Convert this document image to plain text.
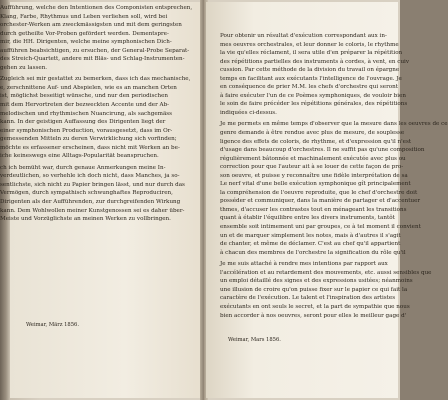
Aufführung, welche den Intentionen des Componisten entsprechen,
Klang, Farbe, Rhythmus und Leben verliehen soll, wird bei
orchester-Werken am zweckmässigsten und mit dem geringsten
durch getheilte Vor-Proben gefördert werden. Dementspre-
mir, die HH. Dirigenten, welche meine symphonischen Dich-
aufführen beabsichtigen, zu ersuchen, der General-Probe Separat-
des Streich-Quartett, andere mit Bläs- und Schlag-Instrumenten-
gehen zu lassen.
Zugleich sei mir gestattet zu bemerken, dass ich das mechanische,
e, zerschnittene Auf- und Abspielen, wie es an manchen Orten
ist, möglichst beseitigt wünsche, und nur den periodischen
mit dem Hervortreten der bezweckten Accente und der Ab-
melodischen und rhythmischen Nuancirung, als sachgemäss
kann. In der geistigen Auffassung des Dirigenten liegt der
einer symphonischen Production, vorausgesetzt, dass im Or-
gemessenden Mitteln zu deren Verwirklichung sich vorfinden;
möchte es erfassener erscheinen, dass nicht mit Werken an be-
iche keineswegs eine Alltags-Popularität beanspruchen.
ch ich bemüht war, durch genaue Anmerkungen meine In-
verdeutlichen, so verhehle ich doch nicht, dass Manches, ja so-
sentlichste, sich nicht zu Papier bringen lässt, und nur durch das
Vermögen, durch sympathisch schwunghaftes Reproduciren,
Dirigenten als der Aufführenden, zur durchgreifenden Wirkung
kann. Dem Wohlwollen meiner Kunstgenossen sei es daher über-
Meiste und Vorzüglichste an meinen Werken zu vollbringen.
Weimar, März 1856.
Pour obtenir un résultat d'exécution correspondant aux in-
mes oeuvres orchestrales, et leur donner le coloris, le rhythme
la vie qu'elles réclament, il sera utile d'en préparer la répétition
des répétitions partielles des instruments à cordes, à vent, en cuiv
cussion. Par cette méthode de la division du travail on épargne
temps en facilitant aux exécutants l'intelligence de l'ouvrage. Je
en conséquence de prier M.M. les chefs d'orchestre qui seront
à faire exécuter l'un de ce Poèmes symphoniques, de vouloir bien
le soin de faire précéder les répétitions générales, des répétitions
indiquées ci-dessus.
Je me permets en même temps d'observer que la mesure dans les oeuvres de ce
genre demande à être rendue avec plus de mesure, de souplesse
ligence des effets de coloris, de rhythme, et d'expression qu'il n'est
d'usage dans beaucoup d'orchestres. Il ne suffit pas qu'une composition
régulièrement bâtonnée et machinalement exécutée avec plus ou
correction pour que l'auteur ait à se louer de cette façon de pro-
son oeuvre, et puisse y reconnaître une fidèle interprétation de sa
Le nerf vital d'une belle exécution symphonique gît principalement
la compréhension de l'oeuvre reproduite, que le chef d'orchestre doit
posséder et communiquer, dans la manière de partager et d'accentuer
thmes, d'accuser les contrastes tout en ménageant les transitions
quant à établir l'équilibre entre les divers instruments, tantôt
ensemble soit intimement uni par groupes, ce à tel moment il convient
un et de marquer simplement les notes, mais à d'autres il s'agit
de chanter, et même de déclamer. C'est au chef qu'il appartient
à chacun des membres de l'orchestre la signification du rôle qu'il
Je me suis attaché à rendre mes intentions par rapport aux
l'accélération et au retardement des mouvements, etc. aussi sensibles que
un emploi détaillé des signes et des expressions usitées; néanmoins
une illusion de croire qu'on puisse fixer sur le papier ce qui fait la
caractère de l'exécution. Le talent et l'inspiration des artistes
exécutants en ont seuls le secret, et la part de sympathie que nous
bien accorder à nos oeuvres, seront pour elles le meilleur gage d'
Weimar, Mars 1856.
